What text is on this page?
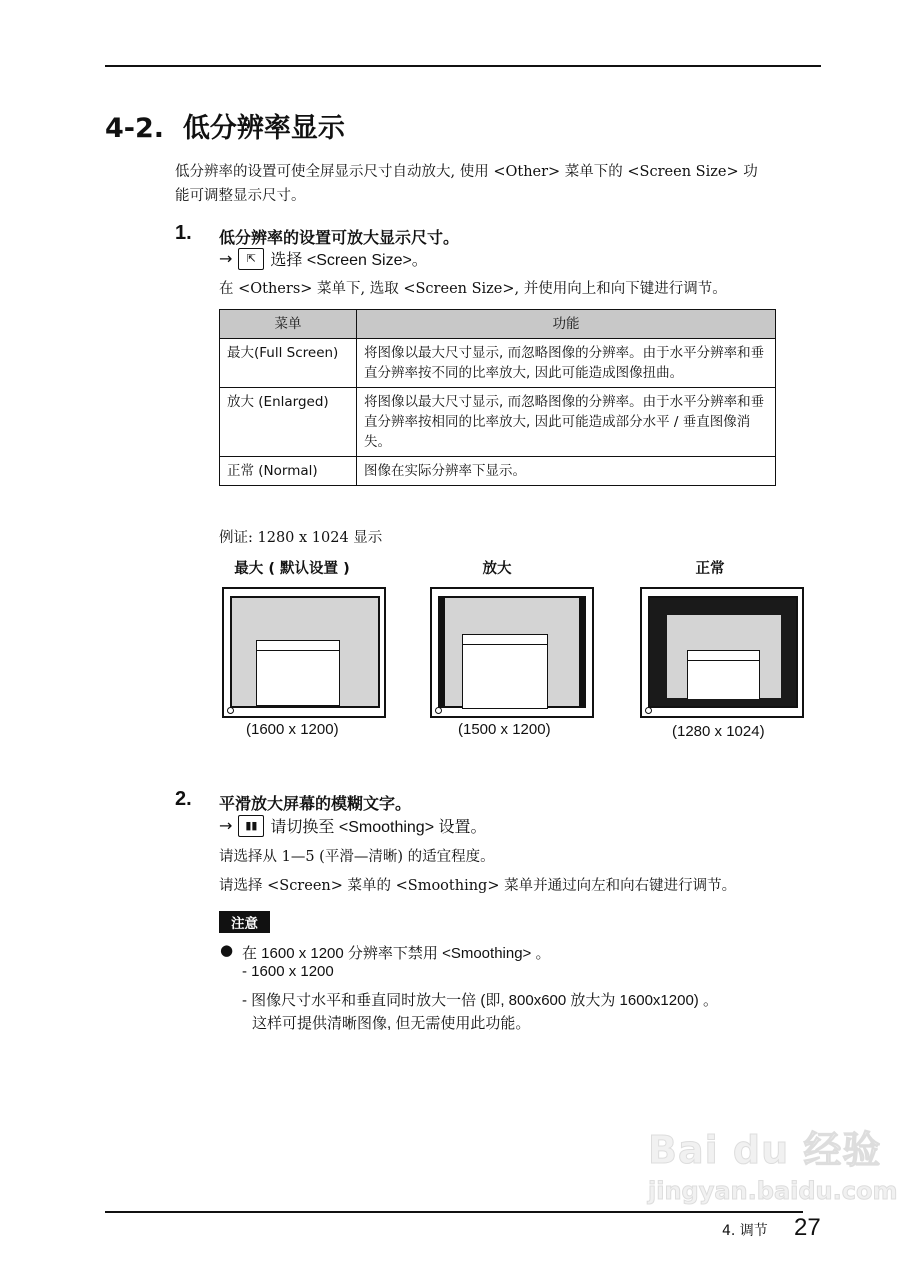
4-2. 低分辨率显示
低分辨率的设置可使全屏显示尺寸自动放大, 使用 <Other> 菜单下的 <Screen Size> 功
能可调整显示尺寸。
1. 低分辨率的设置可放大显示尺寸。
→	⇱ 选择 <Screen Size>。
在 <Others> 菜单下, 选取 <Screen Size>, 并使用向上和向下键进行调节。
菜单	功能
最大(Full Screen)	将图像以最大尺寸显示, 而忽略图像的分辨率。由于水平分辨率和垂直分辨率按不同的比率放大, 因此可能造成图像扭曲。
放大 (Enlarged)	将图像以最大尺寸显示, 而忽略图像的分辨率。由于水平分辨率和垂直分辨率按相同的比率放大, 因此可能造成部分水平 / 垂直图像消失。
正常 (Normal)	图像在实际分辨率下显示。
例证: 1280 x 1024 显示
最大 ( 默认设置 )	放大	正常
(1600 x 1200)	(1500 x 1200)	(1280 x 1024)
2. 平滑放大屏幕的模糊文字。
→	▮▮ 请切换至 <Smoothing> 设置。
请选择从 1—5 (平滑—清晰) 的适宜程度。
请选择 <Screen> 菜单的 <Smoothing> 菜单并通过向左和向右键进行调节。
注意
● 在 1600 x 1200 分辨率下禁用 <Smoothing> 。
- 1600 x 1200
- 图像尺寸水平和垂直同时放大一倍 (即, 800x600 放大为 1600x1200) 。
这样可提供清晰图像, 但无需使用此功能。
Bai du 经验
jingyan.baidu.com
4. 调节 27
